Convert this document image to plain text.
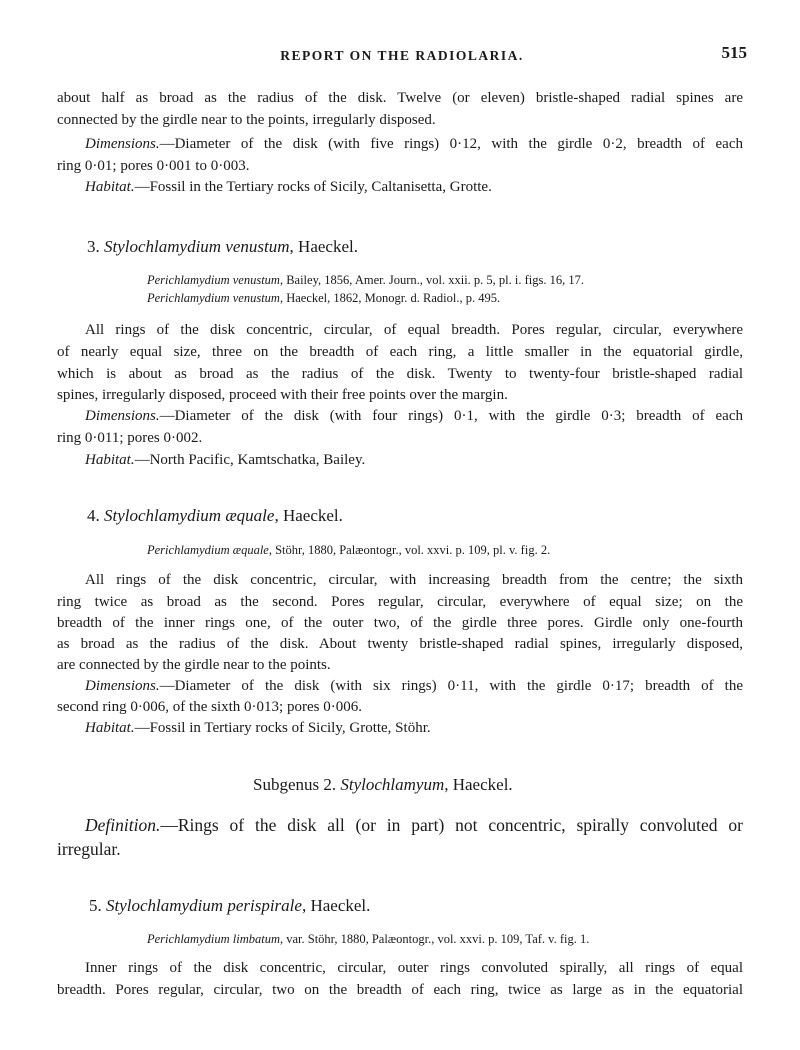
REPORT ON THE RADIOLARIA.	515
about half as broad as the radius of the disk. Twelve (or eleven) bristle-shaped radial spines are
connected by the girdle near to the points, irregularly disposed.
Dimensions.—Diameter of the disk (with five rings) 0·12, with the girdle 0·2, breadth of each
ring 0·01; pores 0·001 to 0·003.
Habitat.—Fossil in the Tertiary rocks of Sicily, Caltanisetta, Grotte.
3. Stylochlamydium venustum, Haeckel.
Perichlamydium venustum, Bailey, 1856, Amer. Journ., vol. xxii. p. 5, pl. i. figs. 16, 17.
Perichlamydium venustum, Haeckel, 1862, Monogr. d. Radiol., p. 495.
All rings of the disk concentric, circular, of equal breadth. Pores regular, circular, everywhere
of nearly equal size, three on the breadth of each ring, a little smaller in the equatorial girdle,
which is about as broad as the radius of the disk. Twenty to twenty-four bristle-shaped radial
spines, irregularly disposed, proceed with their free points over the margin.
Dimensions.—Diameter of the disk (with four rings) 0·1, with the girdle 0·3; breadth of each
ring 0·011; pores 0·002.
Habitat.—North Pacific, Kamtschatka, Bailey.
4. Stylochlamydium æquale, Haeckel.
Perichlamydium æquale, Stöhr, 1880, Palæontogr., vol. xxvi. p. 109, pl. v. fig. 2.
All rings of the disk concentric, circular, with increasing breadth from the centre; the sixth
ring twice as broad as the second. Pores regular, circular, everywhere of equal size; on the
breadth of the inner rings one, of the outer two, of the girdle three pores. Girdle only one-fourth
as broad as the radius of the disk. About twenty bristle-shaped radial spines, irregularly disposed,
are connected by the girdle near to the points.
Dimensions.—Diameter of the disk (with six rings) 0·11, with the girdle 0·17; breadth of the
second ring 0·006, of the sixth 0·013; pores 0·006.
Habitat.—Fossil in Tertiary rocks of Sicily, Grotte, Stöhr.
Subgenus 2. Stylochlamyum, Haeckel.
Definition.—Rings of the disk all (or in part) not concentric, spirally convoluted or
irregular.
5. Stylochlamydium perispirale, Haeckel.
Perichlamydium limbatum, var. Stöhr, 1880, Palæontogr., vol. xxvi. p. 109, Taf. v. fig. 1.
Inner rings of the disk concentric, circular, outer rings convoluted spirally, all rings of equal
breadth. Pores regular, circular, two on the breadth of each ring, twice as large as in the equatorial
